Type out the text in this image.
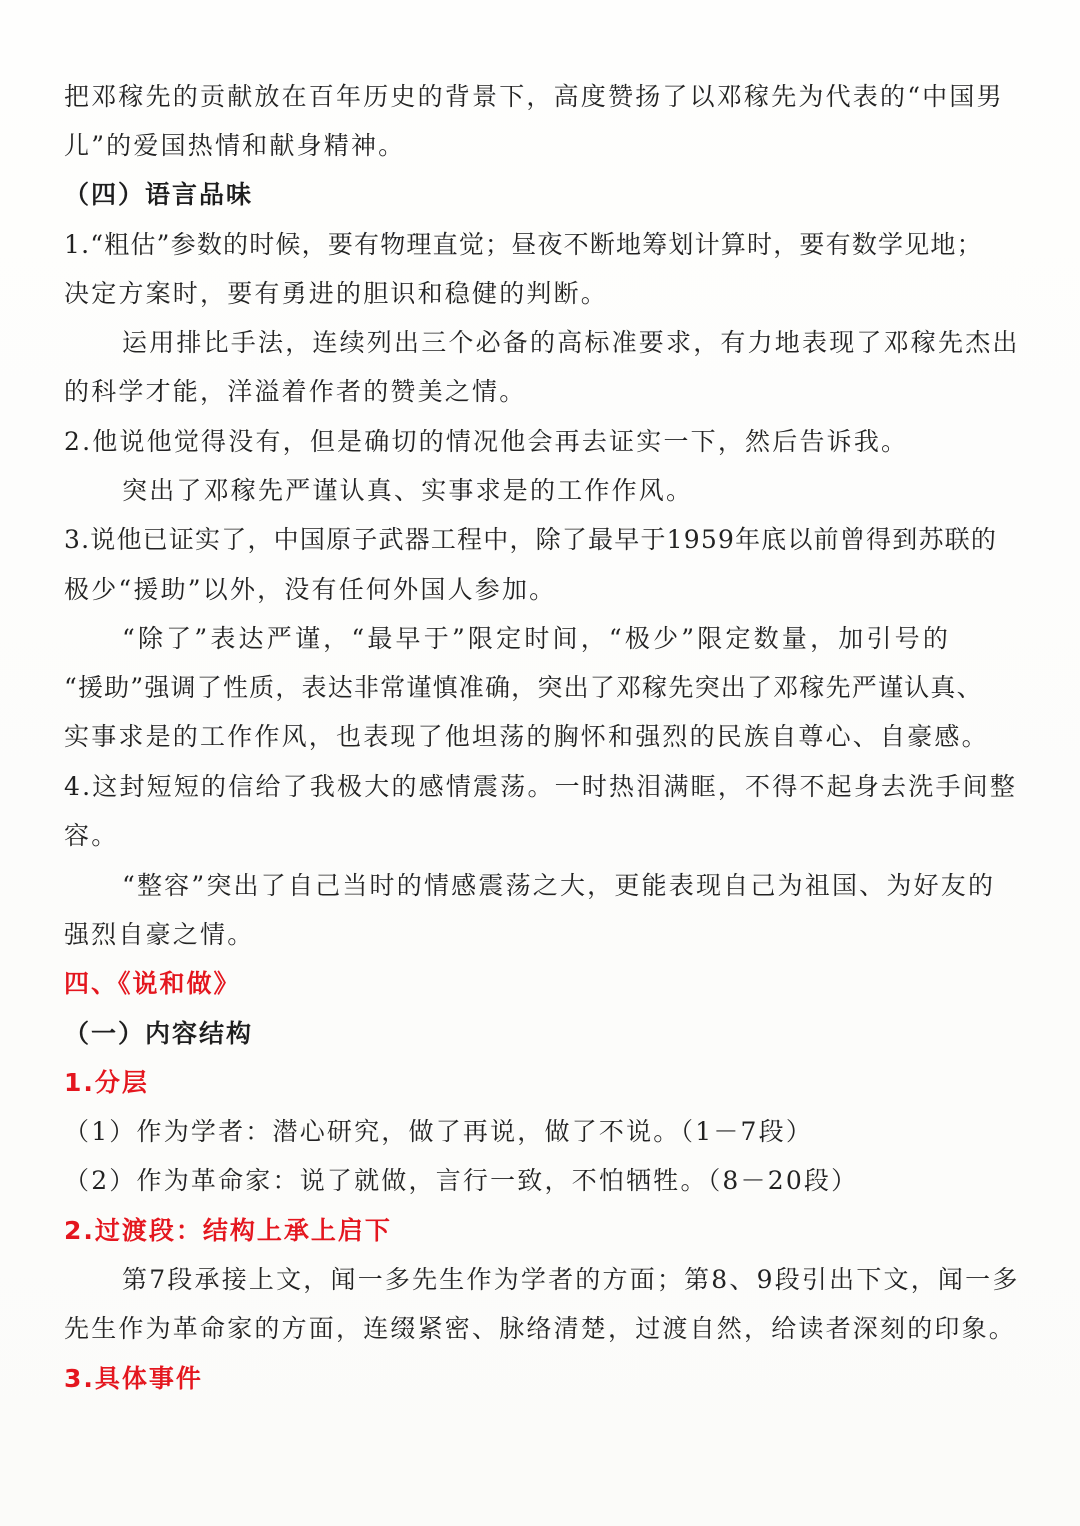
把邓稼先的贡献放在百年历史的背景下，高度赞扬了以邓稼先为代表的“中国男
儿”的爱国热情和献身精神。
（四）语言品味
1.“粗估”参数的时候，要有物理直觉；昼夜不断地筹划计算时，要有数学见地；
决定方案时，要有勇进的胆识和稳健的判断。
运用排比手法，连续列出三个必备的高标准要求，有力地表现了邓稼先杰出
的科学才能，洋溢着作者的赞美之情。
2.他说他觉得没有，但是确切的情况他会再去证实一下，然后告诉我。
突出了邓稼先严谨认真、实事求是的工作作风。
3.说他已证实了，中国原子武器工程中，除了最早于1959年底以前曾得到苏联的
极少“援助”以外，没有任何外国人参加。
“除了”表达严谨，“最早于”限定时间，“极少”限定数量，加引号的
“援助”强调了性质，表达非常谨慎准确，突出了邓稼先突出了邓稼先严谨认真、
实事求是的工作作风，也表现了他坦荡的胸怀和强烈的民族自尊心、自豪感。
4.这封短短的信给了我极大的感情震荡。一时热泪满眶，不得不起身去洗手间整
容。
“整容”突出了自己当时的情感震荡之大，更能表现自己为祖国、为好友的
强烈自豪之情。
四、《说和做》
（一）内容结构
1.分层
（1）作为学者：潜心研究，做了再说，做了不说。（1－7段）
（2）作为革命家：说了就做，言行一致，不怕牺牲。（8－20段）
2.过渡段：结构上承上启下
第7段承接上文，闻一多先生作为学者的方面；第8、9段引出下文，闻一多
先生作为革命家的方面，连缀紧密、脉络清楚，过渡自然，给读者深刻的印象。
3.具体事件
